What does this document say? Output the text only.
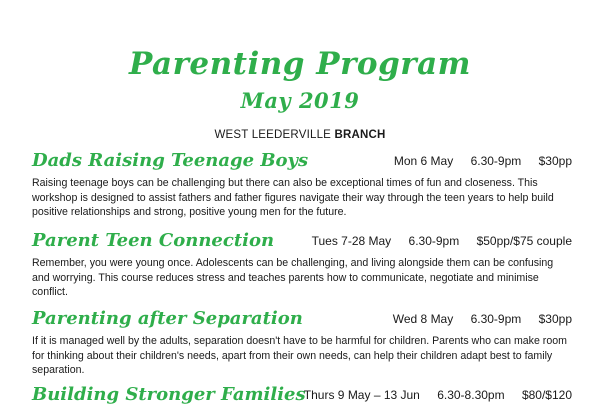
Parenting Program
May 2019
WEST LEEDERVILLE BRANCH
Dads Raising Teenage Boys	Mon 6 May 6.30-9pm $30pp

Raising teenage boys can be challenging but there can also be exceptional times of fun and closeness. This workshop is designed to assist fathers and father figures navigate their way through the teen years to help build positive relationships and strong, positive young men for the future.

Parent Teen Connection	Tues 7-28 May 6.30-9pm $50pp/$75 couple

Remember, you were young once. Adolescents can be challenging, and living alongside them can be confusing and worrying. This course reduces stress and teaches parents how to communicate, negotiate and minimise conflict.

Parenting after Separation	Wed 8 May 6.30-9pm $30pp

If it is managed well by the adults, separation doesn't have to be harmful for children. Parents who can make room for thinking about their children's needs, apart from their own needs, can help their children adapt best to family separation.

Building Stronger Families
Thurs 9 May – 13 Jun 6.30-8.30pm $80/$120
